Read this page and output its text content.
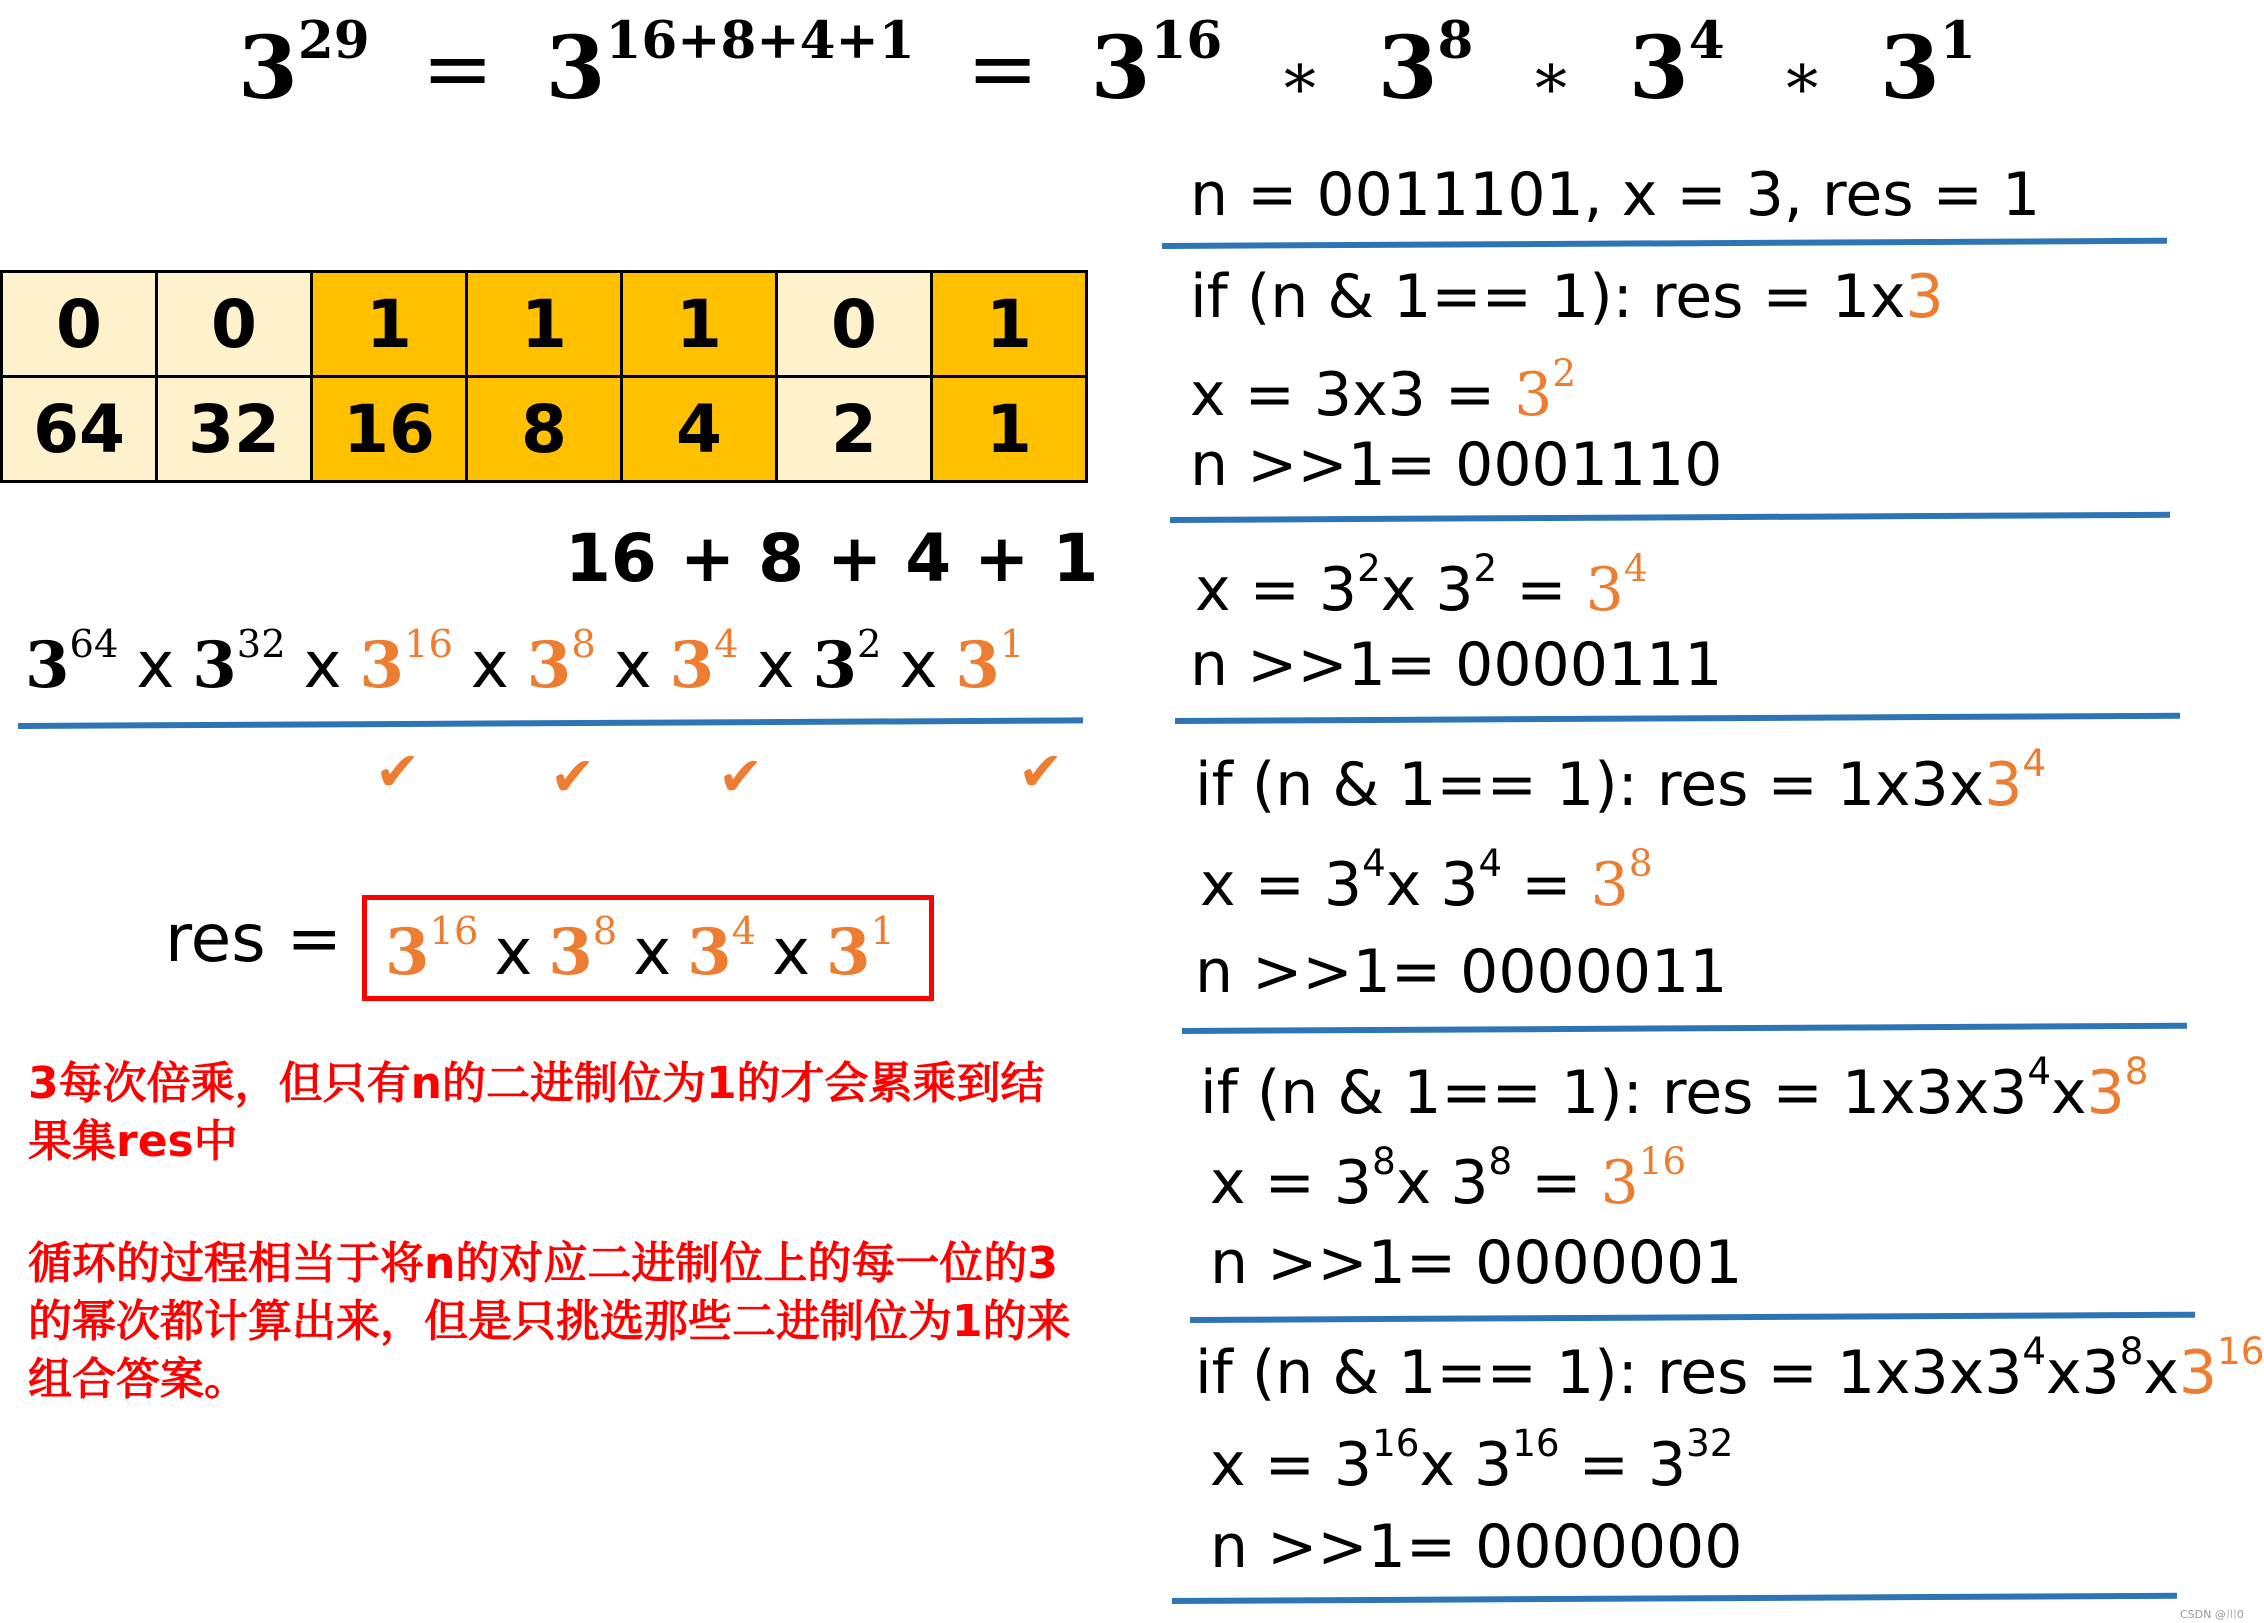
$3^{29} = 3^{16+8+4+1} = 3^{16}$ ∗ $3^8$ ∗ $3^4$ ∗ $3^1$
0	0	1	1	1	0	1
64	32	16	8	4	2	1
16 + 8 + 4 + 1
$3^{64}$ x $3^{32}$ x $3^{16}$ x $3^8$ x $3^4$ x $3^2$ x $3^1$
✔ ✔ ✔	✔
res = $3^{16}$ x $3^8$ x $3^4$ x $3^1$
3每次倍乘，但只有n的二进制位为1的才会累乘到结果集res中
循环的过程相当于将n的对应二进制位上的每一位的3的幂次都计算出来，但是只挑选那些二进制位为1的来组合答案。
n = 0011101, x = 3, res = 1
if (n & 1== 1): res = 1x3
$x = 3x3 = 3^2$
n >>1= 0001110
$x = 3^2x$ $3^2 = 3^4$
n >>1= 0000111
if (n & 1== 1): res = $1x3x3^4$
$x = 3^4x$ $3^4 = 3^8$
n >>1= 0000011
if (n & 1== 1): res = $1x3x3^4x3^8$
$x = 3^8x$ $3^8 = 3^{16}$
n >>1= 0000001
if (n & 1== 1): res = $1x3x3^4x3^8x3^{16}$
$x = 3^{16}x$ $3^{16} = 3^{32}$
n >>1= 0000000
CSDN @川0
